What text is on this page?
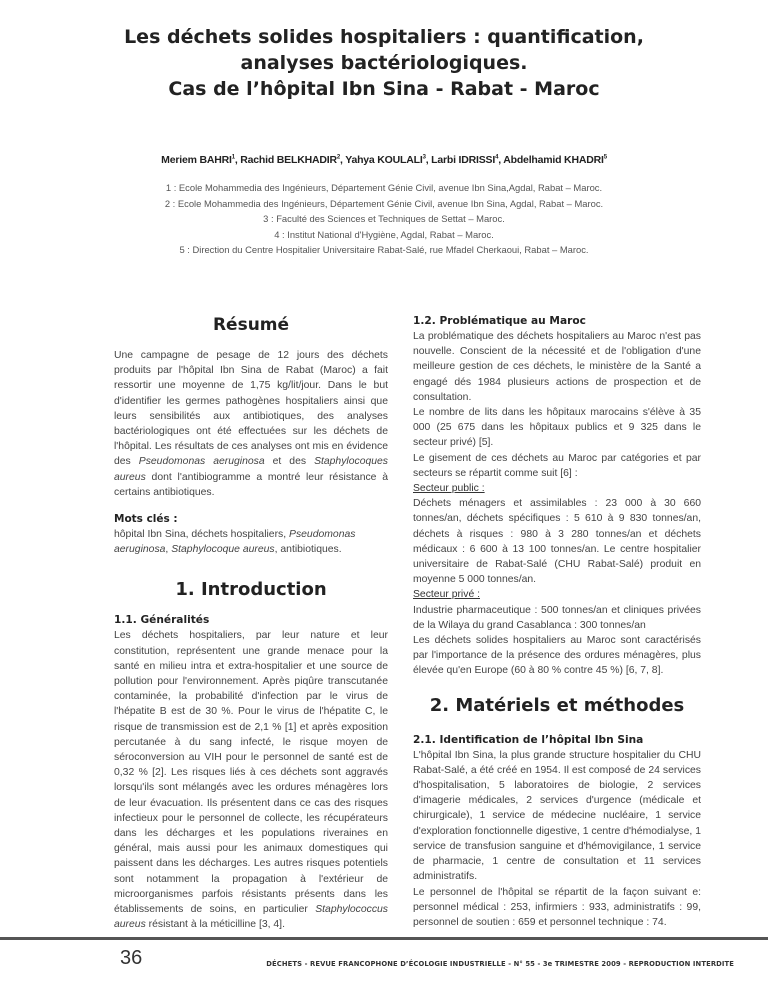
Les déchets solides hospitaliers : quantification,
analyses bactériologiques.
Cas de l’hôpital Ibn Sina - Rabat - Maroc
Meriem BAHRI$^1$, Rachid BELKHADIR$^2$, Yahya KOULALI$^3$, Larbi IDRISSI$^4$, Abdelhamid KHADRI$^5$
1 : Ecole Mohammedia des Ingénieurs, Département Génie Civil, avenue Ibn Sina,Agdal, Rabat – Maroc.
2 : Ecole Mohammedia des Ingénieurs, Département Génie Civil, avenue Ibn Sina, Agdal, Rabat – Maroc.
3 : Faculté des Sciences et Techniques de Settat – Maroc.
4 : Institut National d'Hygiène, Agdal, Rabat – Maroc.
5 : Direction du Centre Hospitalier Universitaire Rabat-Salé, rue Mfadel Cherkaoui, Rabat – Maroc.
Résumé

Une campagne de pesage de 12 jours des déchets produits par l'hôpital Ibn Sina de Rabat (Maroc) a fait ressortir une moyenne de 1,75 kg/lit/jour. Dans le but d'identifier les germes pathogènes hospitaliers ainsi que leurs sensibilités aux antibiotiques, des analyses bactériologiques ont été effectuées sur les déchets de l'hôpital. Les résultats de ces analyses ont mis en évidence des Pseudomonas aeruginosa et des Staphylocoques aureus dont l'antibiogramme a montré leur résistance à certains antibiotiques.

Mots clés :

hôpital Ibn Sina, déchets hospitaliers, Pseudomonas aeruginosa, Staphylocoque aureus, antibiotiques.

1. Introduction
1.1. Généralités

Les déchets hospitaliers, par leur nature et leur constitution, représentent une grande menace pour la santé en milieu intra et extra-hospitalier et une source de pollution pour l'environnement. Après piqûre transcutanée contaminée, la probabilité d'infection par le virus de l'hépatite B est de 30 %. Pour le virus de l'hépatite C, le risque de transmission est de 2,1 % [1] et après exposition percutanée à du sang infecté, le risque moyen de séroconversion au VIH pour le personnel de santé est de 0,32 % [2]. Les risques liés à ces déchets sont aggravés lorsqu'ils sont mélangés avec les ordures ménagères lors de leur évacuation. Ils présentent dans ce cas des risques infectieux pour le personnel de collecte, les récupérateurs dans les décharges et les populations riveraines en général, mais aussi pour les animaux domestiques qui paissent dans les décharges. Les autres risques potentiels sont notamment la propagation à l'extérieur de microorganismes parfois résistants présents dans les établissements de soins, en particulier Staphylococcus aureus résistant à la méticilline [3, 4].

1.2. Problématique au Maroc

La problématique des déchets hospitaliers au Maroc n'est pas nouvelle. Conscient de la nécessité et de l'obligation d'une meilleure gestion de ces déchets, le ministère de la Santé a engagé dés 1984 plusieurs actions de prospection et de consultation.

Le nombre de lits dans les hôpitaux marocains s'élève à 35 000 (25 675 dans les hôpitaux publics et 9 325 dans le secteur privé) [5].

Le gisement de ces déchets au Maroc par catégories et par secteurs se répartit comme suit [6] :

Secteur public :

Déchets ménagers et assimilables : 23 000 à 30 660 tonnes/an, déchets spécifiques : 5 610 à 9 830 tonnes/an, déchets à risques : 980 à 3 280 tonnes/an et déchets médicaux : 6 600 à 13 100 tonnes/an. Le centre hospitalier universitaire de Rabat-Salé (CHU Rabat-Salé) produit en moyenne 5 000 tonnes/an.

Secteur privé :

Industrie pharmaceutique : 500 tonnes/an et cliniques privées de la Wilaya du grand Casablanca : 300 tonnes/an

Les déchets solides hospitaliers au Maroc sont caractérisés par l'importance de la présence des ordures ménagères, plus élevée qu'en Europe (60 à 80 % contre 45 %) [6, 7, 8].

2. Matériels et méthodes
2.1. Identification de l’hôpital Ibn Sina

L'hôpital Ibn Sina, la plus grande structure hospitalier du CHU Rabat-Salé, a été créé en 1954. Il est composé de 24 services d'hospitalisation, 5 laboratoires de biologie, 2 services d'imagerie médicales, 2 services d'urgence (médicale et chirurgicale), 1 service de médecine nucléaire, 1 service d'exploration fonctionnelle digestive, 1 centre d'hémodialyse, 1 service de transfusion sanguine et d'hémovigilance, 1 service de pharmacie, 1 centre de consultation et 11 services administratifs.

Le personnel de l'hôpital se répartit de la façon suivant e: personnel médical : 253, infirmiers : 933, administratifs : 99, personnel de soutien : 659 et personnel technique : 74.

36	DÉCHETS - REVUE FRANCOPHONE D’ÉCOLOGIE INDUSTRIELLE - N° 55 - 3e TRIMESTRE 2009 - REPRODUCTION INTERDITE
